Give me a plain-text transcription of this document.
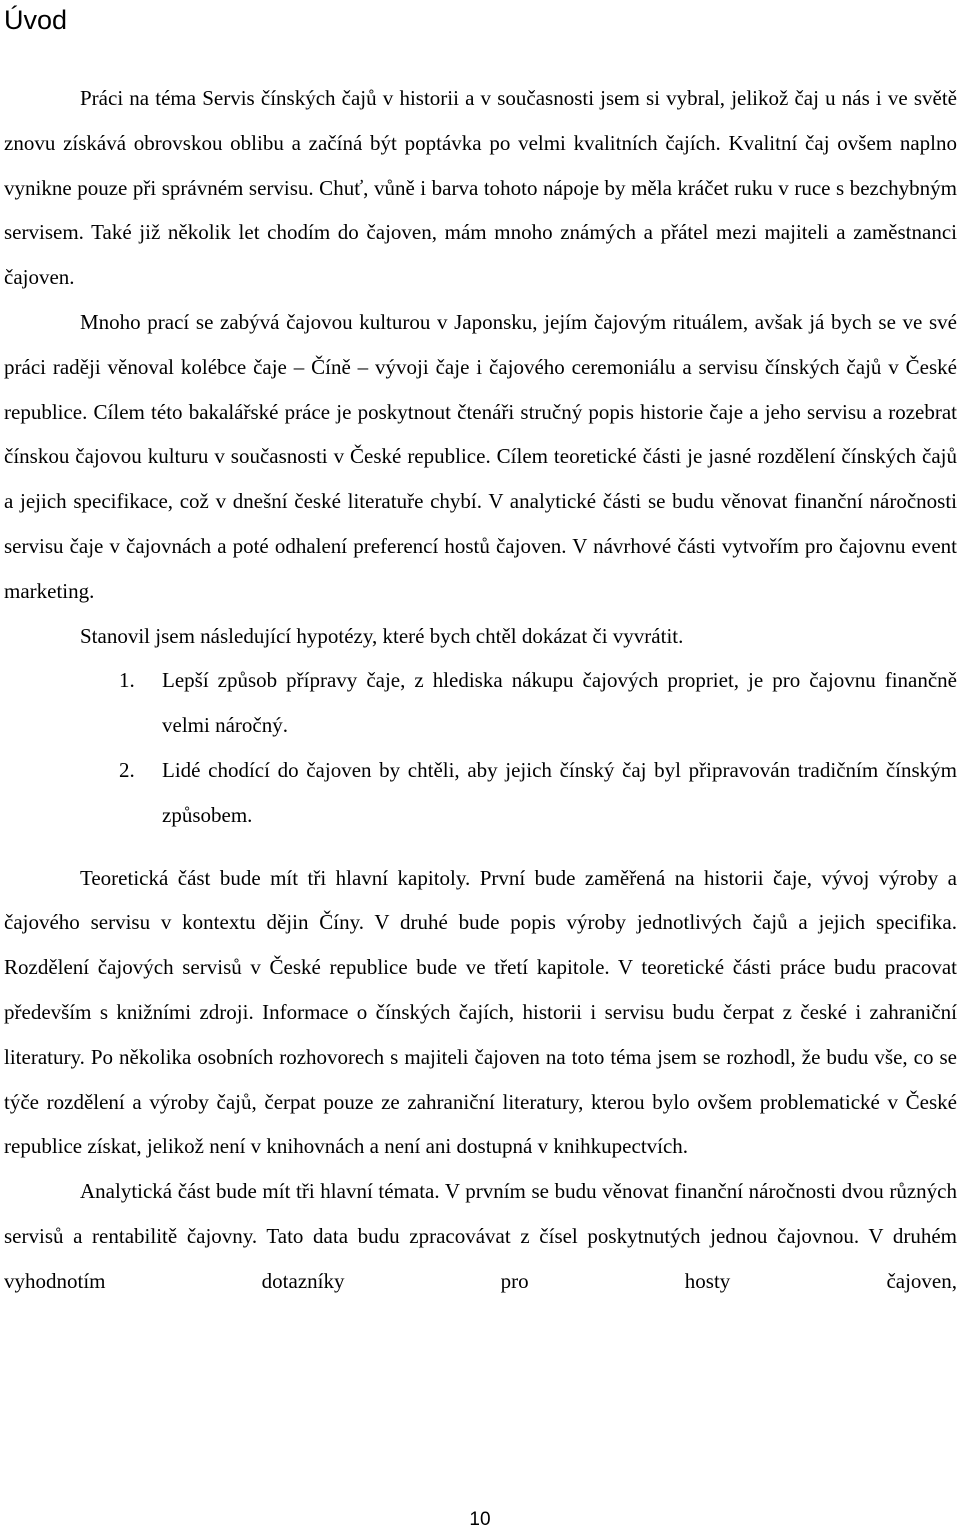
Úvod

Práci na téma Servis čínských čajů v historii a v současnosti jsem si vybral, jelikož čaj u nás i ve světě znovu získává obrovskou oblibu a začíná být poptávka po velmi kvalitních čajích. Kvalitní čaj ovšem naplno vynikne pouze při správném servisu. Chuť, vůně i barva tohoto nápoje by měla kráčet ruku v ruce s bezchybným servisem. Také již několik let chodím do čajoven, mám mnoho známých a přátel mezi majiteli a zaměstnanci čajoven.

Mnoho prací se zabývá čajovou kulturou v Japonsku, jejím čajovým rituálem, avšak já bych se ve své práci raději věnoval kolébce čaje – Číně – vývoji čaje i čajového ceremoniálu a servisu čínských čajů v České republice. Cílem této bakalářské práce je poskytnout čtenáři stručný popis historie čaje a jeho servisu a rozebrat čínskou čajovou kulturu v současnosti v České republice. Cílem teoretické části je jasné rozdělení čínských čajů a jejich specifikace, což v dnešní české literatuře chybí. V analytické části se budu věnovat finanční náročnosti servisu čaje v čajovnách a poté odhalení preferencí hostů čajoven. V návrhové části vytvořím pro čajovnu event marketing.

Stanovil jsem následující hypotézy, které bych chtěl dokázat či vyvrátit.

1. Lepší způsob přípravy čaje, z hlediska nákupu čajových propriet, je pro čajovnu finančně velmi náročný.
2. Lidé chodící do čajoven by chtěli, aby jejich čínský čaj byl připravován tradičním čínským způsobem.

Teoretická část bude mít tři hlavní kapitoly. První bude zaměřená na historii čaje, vývoj výroby a čajového servisu v kontextu dějin Číny. V druhé bude popis výroby jednotlivých čajů a jejich specifika. Rozdělení čajových servisů v České republice bude ve třetí kapitole. V teoretické části práce budu pracovat především s knižními zdroji. Informace o čínských čajích, historii i servisu budu čerpat z české i zahraniční literatury. Po několika osobních rozhovorech s majiteli čajoven na toto téma jsem se rozhodl, že budu vše, co se týče rozdělení a výroby čajů, čerpat pouze ze zahraniční literatury, kterou bylo ovšem problematické v České republice získat, jelikož není v knihovnách a není ani dostupná v knihkupectvích.

Analytická část bude mít tři hlavní témata. V prvním se budu věnovat finanční náročnosti dvou různých servisů a rentabilitě čajovny. Tato data budu zpracovávat z čísel poskytnutých jednou čajovnou. V druhém vyhodnotím dotazníky pro hosty čajoven,

10
